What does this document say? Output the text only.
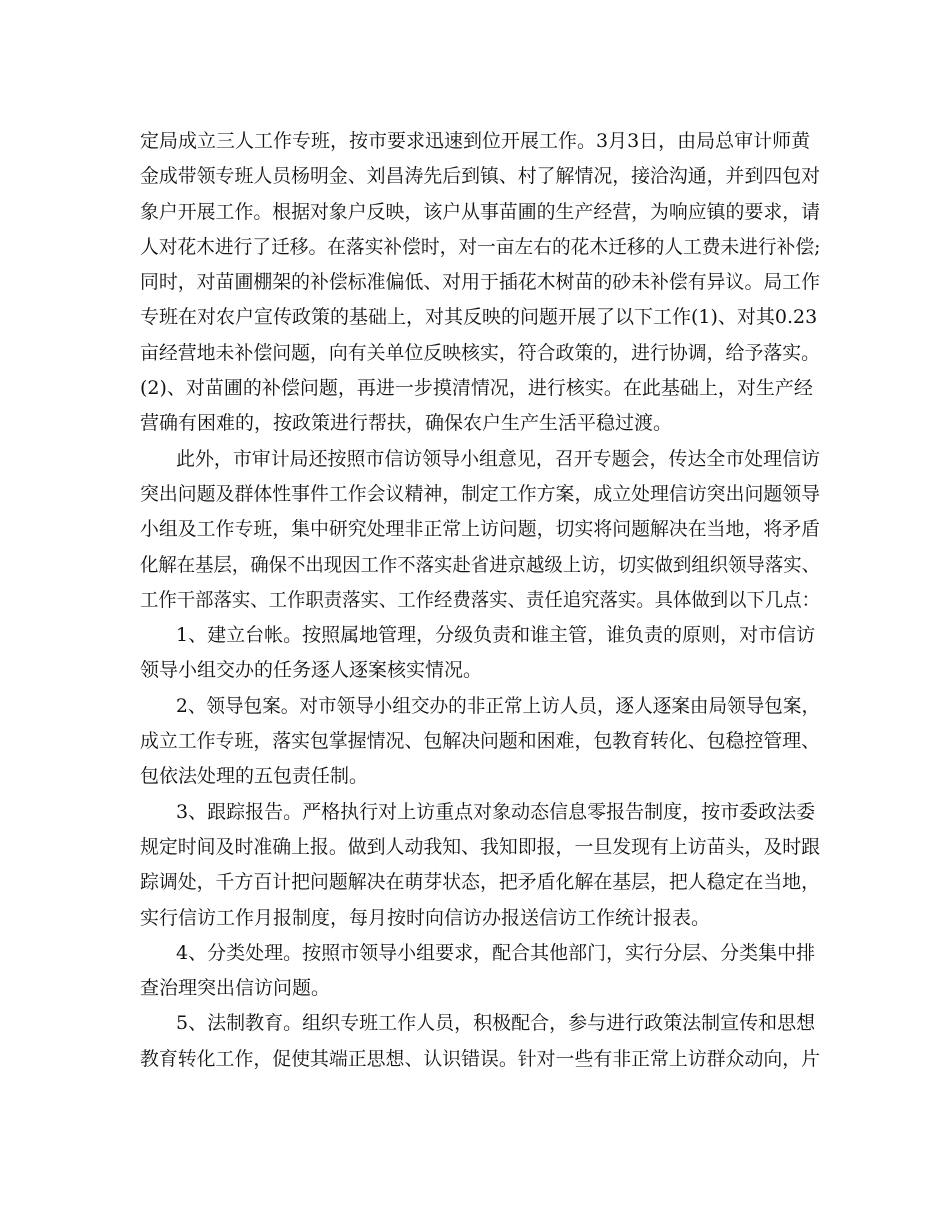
定局成立三人工作专班，按市要求迅速到位开展工作。3月3日，由局总审计师黄
金成带领专班人员杨明金、刘昌涛先后到镇、村了解情况，接洽沟通，并到四包对
象户开展工作。根据对象户反映，该户从事苗圃的生产经营，为响应镇的要求，请
人对花木进行了迁移。在落实补偿时，对一亩左右的花木迁移的人工费未进行补偿;
同时，对苗圃棚架的补偿标准偏低、对用于插花木树苗的砂未补偿有异议。局工作
专班在对农户宣传政策的基础上，对其反映的问题开展了以下工作(1)、对其0.23
亩经营地未补偿问题，向有关单位反映核实，符合政策的，进行协调，给予落实。
(2)、对苗圃的补偿问题，再进一步摸清情况，进行核实。在此基础上，对生产经
营确有困难的，按政策进行帮扶，确保农户生产生活平稳过渡。
此外，市审计局还按照市信访领导小组意见，召开专题会，传达全市处理信访
突出问题及群体性事件工作会议精神，制定工作方案，成立处理信访突出问题领导
小组及工作专班，集中研究处理非正常上访问题，切实将问题解决在当地，将矛盾
化解在基层，确保不出现因工作不落实赴省进京越级上访，切实做到组织领导落实、
工作干部落实、工作职责落实、工作经费落实、责任追究落实。具体做到以下几点：
1、建立台帐。按照属地管理，分级负责和谁主管，谁负责的原则，对市信访
领导小组交办的任务逐人逐案核实情况。
2、领导包案。对市领导小组交办的非正常上访人员，逐人逐案由局领导包案，
成立工作专班，落实包掌握情况、包解决问题和困难，包教育转化、包稳控管理、
包依法处理的五包责任制。
3、跟踪报告。严格执行对上访重点对象动态信息零报告制度，按市委政法委
规定时间及时准确上报。做到人动我知、我知即报，一旦发现有上访苗头，及时跟
踪调处，千方百计把问题解决在萌芽状态，把矛盾化解在基层，把人稳定在当地，
实行信访工作月报制度，每月按时向信访办报送信访工作统计报表。
4、分类处理。按照市领导小组要求，配合其他部门，实行分层、分类集中排
查治理突出信访问题。
5、法制教育。组织专班工作人员，积极配合，参与进行政策法制宣传和思想
教育转化工作，促使其端正思想、认识错误。针对一些有非正常上访群众动向，片
